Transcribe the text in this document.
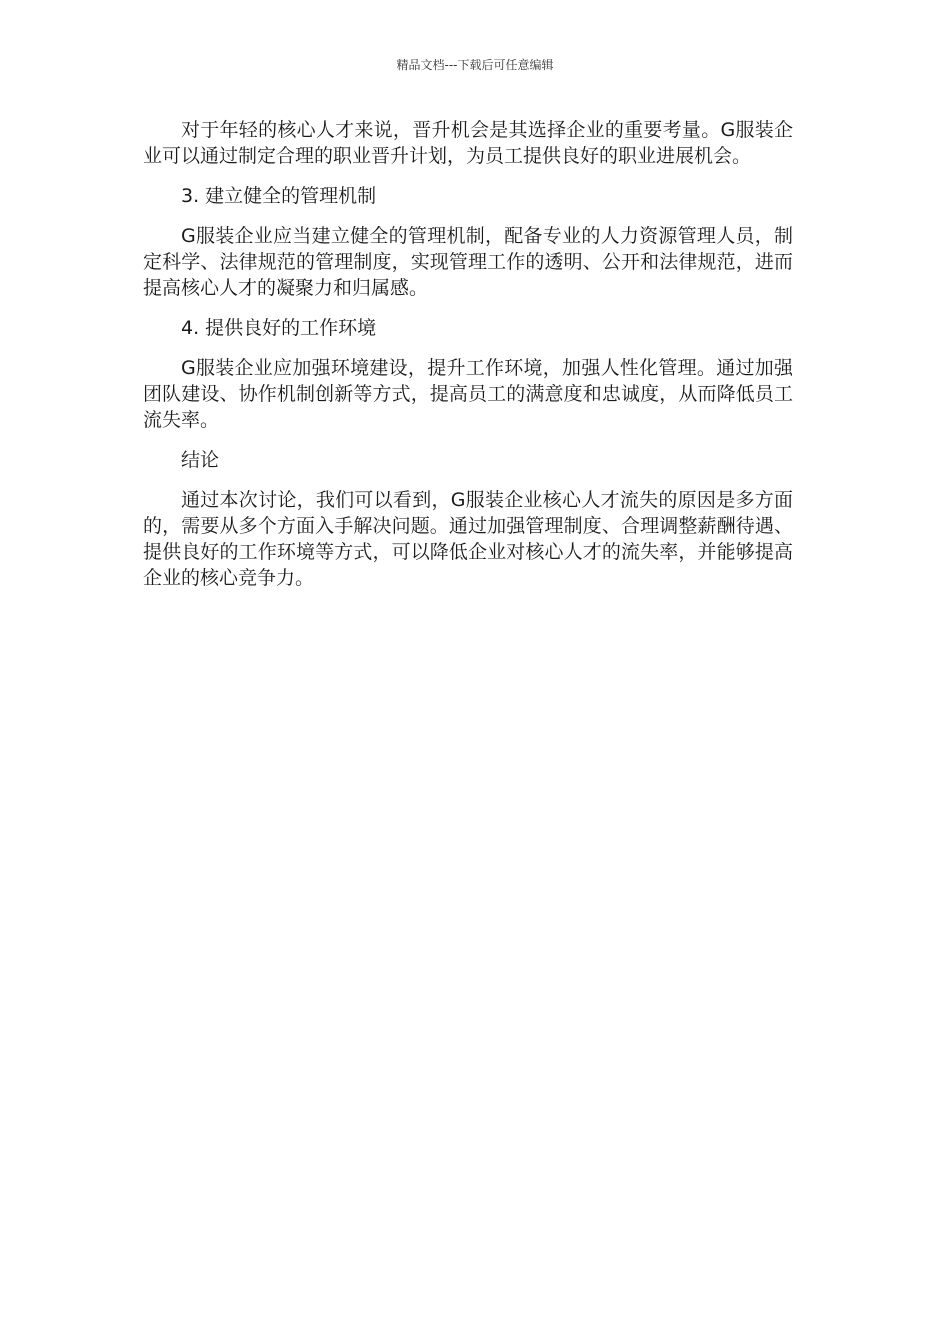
精品文档---下载后可任意编辑

对于年轻的核心人才来说，晋升机会是其选择企业的重要考量。G服装企业可以通过制定合理的职业晋升计划，为员工提供良好的职业进展机会。

3. 建立健全的管理机制

G服装企业应当建立健全的管理机制，配备专业的人力资源管理人员，制定科学、法律规范的管理制度，实现管理工作的透明、公开和法律规范，进而提高核心人才的凝聚力和归属感。

4. 提供良好的工作环境

G服装企业应加强环境建设，提升工作环境，加强人性化管理。通过加强团队建设、协作机制创新等方式，提高员工的满意度和忠诚度，从而降低员工流失率。

结论

通过本次讨论，我们可以看到，G服装企业核心人才流失的原因是多方面的，需要从多个方面入手解决问题。通过加强管理制度、合理调整薪酬待遇、提供良好的工作环境等方式，可以降低企业对核心人才的流失率，并能够提高企业的核心竞争力。
